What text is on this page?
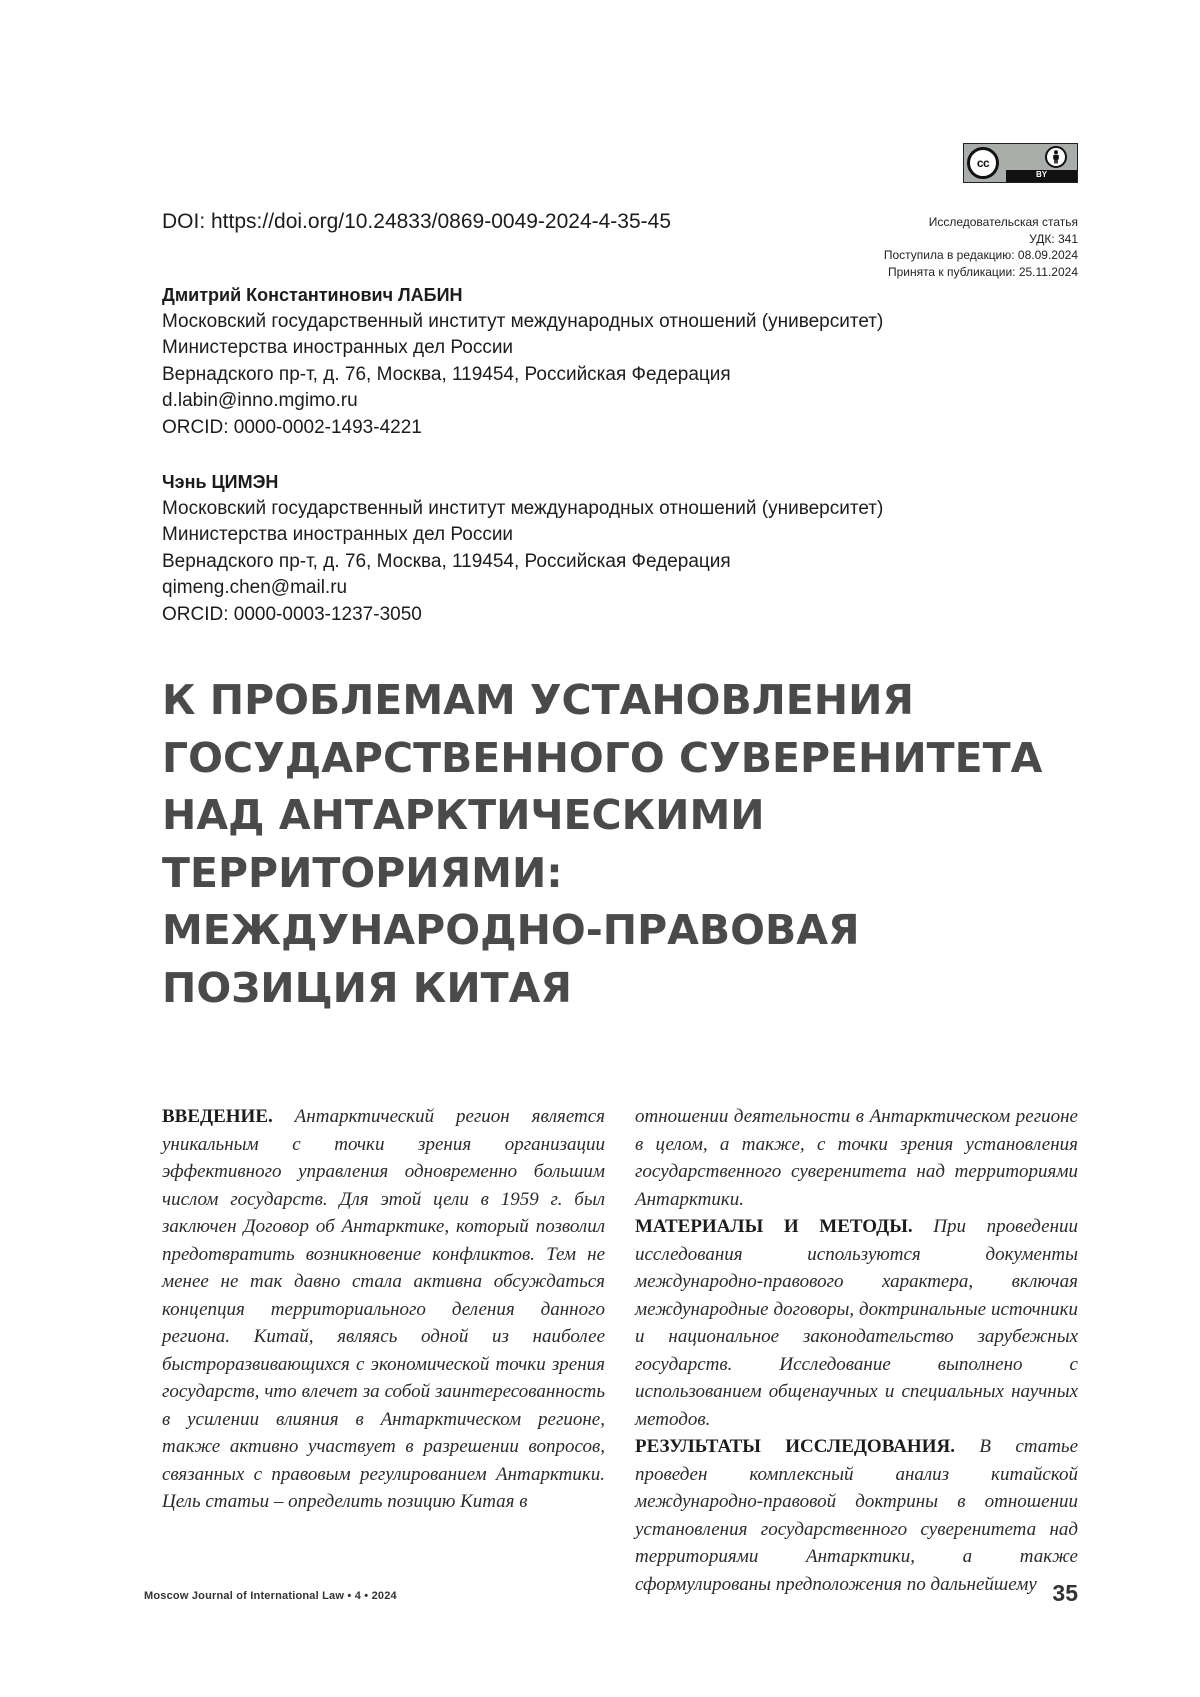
cc
BY
DOI: https://doi.org/10.24833/0869-0049-2024-4-35-45	Исследовательская статья
УДК: 341
Поступила в редакцию: 08.09.2024
Принята к публикации: 25.11.2024
Дмитрий Константинович ЛАБИН
Московский государственный институт международных отношений (университет)
Министерства иностранных дел России
Вернадского пр-т, д. 76, Москва, 119454, Российская Федерация
d.labin@inno.mgimo.ru
ORCID: 0000-0002-1493-4221
Чэнь ЦИМЭН
Московский государственный институт международных отношений (университет)
Министерства иностранных дел России
Вернадского пр-т, д. 76, Москва, 119454, Российская Федерация
qimeng.chen@mail.ru
ORCID: 0000-0003-1237-3050
К ПРОБЛЕМАМ УСТАНОВЛЕНИЯ
ГОСУДАРСТВЕННОГО СУВЕРЕНИТЕТА
НАД АНТАРКТИЧЕСКИМИ
ТЕРРИТОРИЯМИ:
МЕЖДУНАРОДНО-ПРАВОВАЯ
ПОЗИЦИЯ КИТАЯ

ВВЕДЕНИЕ. Антарктический регион является уникальным с точки зрения организации эффективного управления одновременно большим числом государств. Для этой цели в 1959 г. был заключен Договор об Антарктике, который позволил предотвратить возникновение конфликтов. Тем не менее не так давно стала активна обсуждаться концепция территориального деления данного региона. Китай, являясь одной из наиболее быстроразвивающихся с экономической точки зрения государств, что влечет за собой заинтересованность в усилении влияния в Антарктическом регионе, также активно участвует в разрешении вопросов, связанных с правовым регулированием Антарктики. Цель статьи – определить позицию Китая в

отношении деятельности в Антарктическом регионе в целом, а также, с точки зрения установления государственного суверенитета над территориями Антарктики.

МАТЕРИАЛЫ И МЕТОДЫ. При проведении исследования используются документы международно-правового характера, включая международные договоры, доктринальные источники и национальное законодательство зарубежных государств. Исследование выполнено с использованием общенаучных и специальных научных методов.

РЕЗУЛЬТАТЫ ИССЛЕДОВАНИЯ. В статье проведен комплексный анализ китайской международно-правовой доктрины в отношении установления государственного суверенитета над территориями Антарктики, а также сформулированы предположения по дальнейшему

Moscow Journal of International Law • 4 • 2024	35
